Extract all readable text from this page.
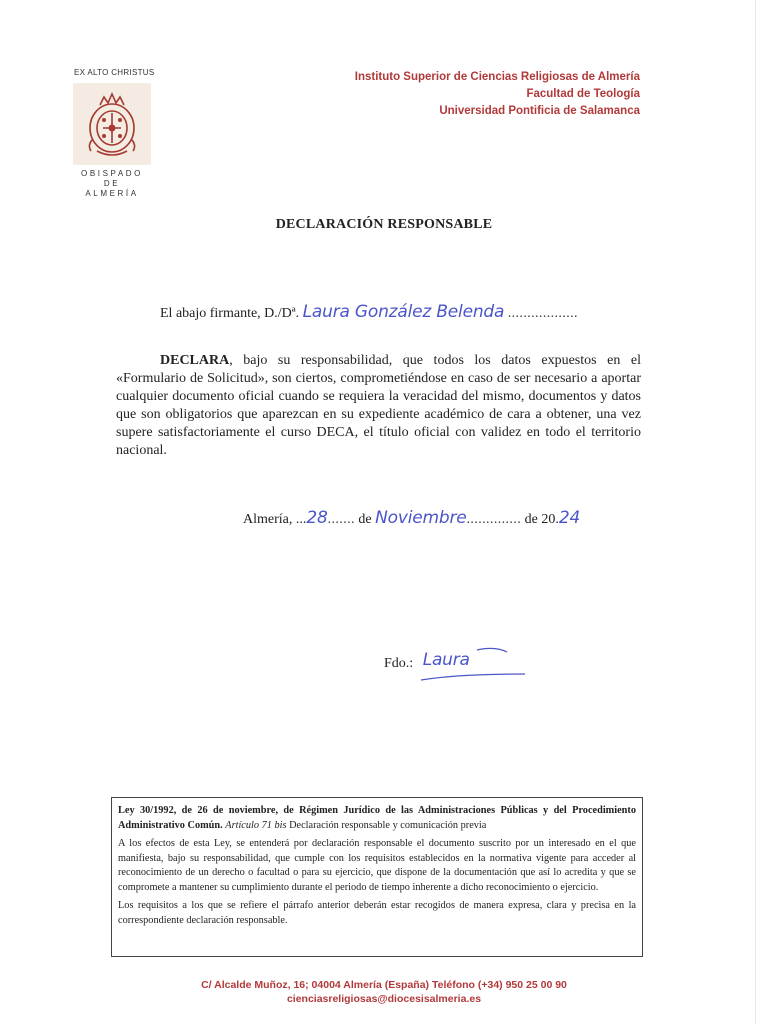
EX ALTO CHRISTUS
OBISPADO
DE
ALMERÍA
Instituto Superior de Ciencias Religiosas de Almería
Facultad de Teología
Universidad Pontificia de Salamanca
DECLARACIÓN RESPONSABLE
El abajo firmante, D./Dª. Laura González Belenda ..................
DECLARA, bajo su responsabilidad, que todos los datos expuestos en el «Formulario de Solicitud», son ciertos, comprometiéndose en caso de ser necesario a aportar cualquier documento oficial cuando se requiera la veracidad del mismo, documentos y datos que son obligatorios que aparezcan en su expediente académico de cara a obtener, una vez supere satisfactoriamente el curso DECA, el título oficial con validez en todo el territorio nacional.
Almería, ...28....... de Noviembre.............. de 20.24
Fdo.: Laura

Ley 30/1992, de 26 de noviembre, de Régimen Jurídico de las Administraciones Públicas y del Procedimiento Administrativo Común. Artículo 71 bis Declaración responsable y comunicación previa

A los efectos de esta Ley, se entenderá por declaración responsable el documento suscrito por un interesado en el que manifiesta, bajo su responsabilidad, que cumple con los requisitos establecidos en la normativa vigente para acceder al reconocimiento de un derecho o facultad o para su ejercicio, que dispone de la documentación que así lo acredita y que se compromete a mantener su cumplimiento durante el periodo de tiempo inherente a dicho reconocimiento o ejercicio.

Los requisitos a los que se refiere el párrafo anterior deberán estar recogidos de manera expresa, clara y precisa en la correspondiente declaración responsable.

C/ Alcalde Muñoz, 16; 04004 Almería (España) Teléfono (+34) 950 25 00 90
cienciasreligiosas@diocesisalmeria.es
